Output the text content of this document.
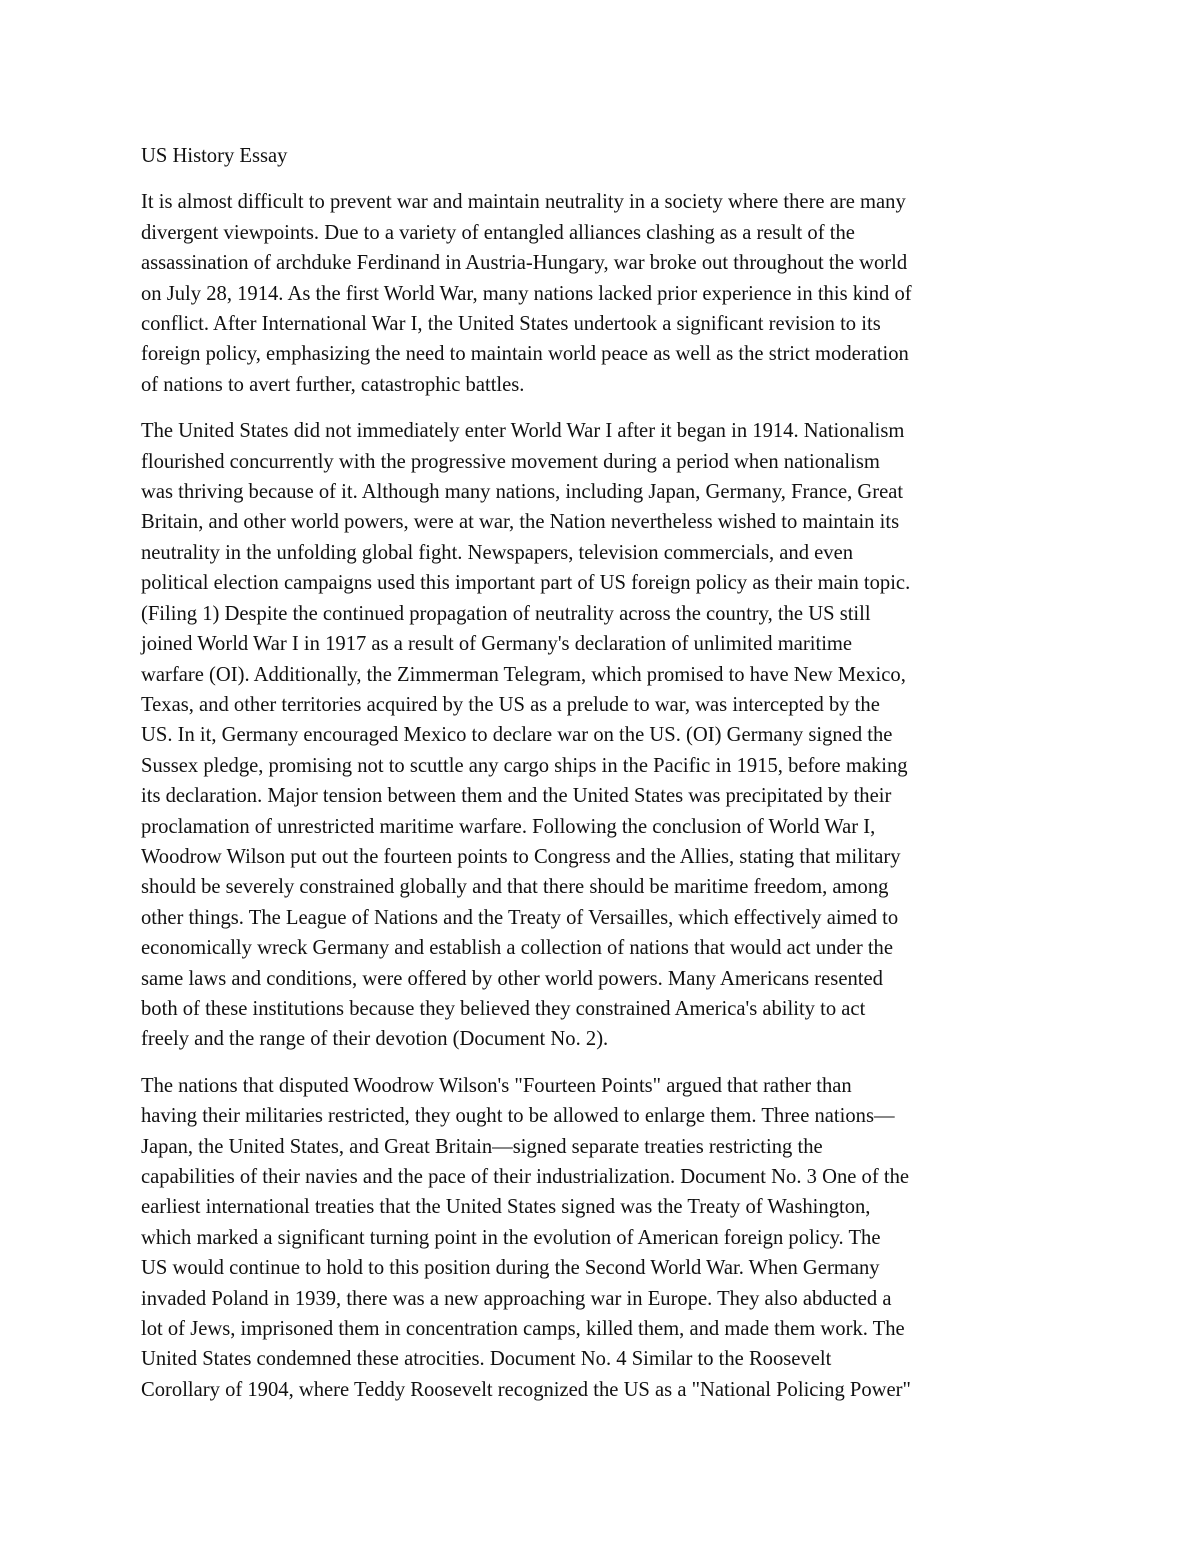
US History Essay
It is almost difficult to prevent war and maintain neutrality in a society where there are many
divergent viewpoints. Due to a variety of entangled alliances clashing as a result of the
assassination of archduke Ferdinand in Austria-Hungary, war broke out throughout the world
on July 28, 1914. As the first World War, many nations lacked prior experience in this kind of
conflict. After International War I, the United States undertook a significant revision to its
foreign policy, emphasizing the need to maintain world peace as well as the strict moderation
of nations to avert further, catastrophic battles.
The United States did not immediately enter World War I after it began in 1914. Nationalism
flourished concurrently with the progressive movement during a period when nationalism
was thriving because of it. Although many nations, including Japan, Germany, France, Great
Britain, and other world powers, were at war, the Nation nevertheless wished to maintain its
neutrality in the unfolding global fight. Newspapers, television commercials, and even
political election campaigns used this important part of US foreign policy as their main topic.
(Filing 1) Despite the continued propagation of neutrality across the country, the US still
joined World War I in 1917 as a result of Germany's declaration of unlimited maritime
warfare (OI). Additionally, the Zimmerman Telegram, which promised to have New Mexico,
Texas, and other territories acquired by the US as a prelude to war, was intercepted by the
US. In it, Germany encouraged Mexico to declare war on the US. (OI) Germany signed the
Sussex pledge, promising not to scuttle any cargo ships in the Pacific in 1915, before making
its declaration. Major tension between them and the United States was precipitated by their
proclamation of unrestricted maritime warfare. Following the conclusion of World War I,
Woodrow Wilson put out the fourteen points to Congress and the Allies, stating that military
should be severely constrained globally and that there should be maritime freedom, among
other things. The League of Nations and the Treaty of Versailles, which effectively aimed to
economically wreck Germany and establish a collection of nations that would act under the
same laws and conditions, were offered by other world powers. Many Americans resented
both of these institutions because they believed they constrained America's ability to act
freely and the range of their devotion (Document No. 2).
The nations that disputed Woodrow Wilson's "Fourteen Points" argued that rather than
having their militaries restricted, they ought to be allowed to enlarge them. Three nations—
Japan, the United States, and Great Britain—signed separate treaties restricting the
capabilities of their navies and the pace of their industrialization. Document No. 3 One of the
earliest international treaties that the United States signed was the Treaty of Washington,
which marked a significant turning point in the evolution of American foreign policy. The
US would continue to hold to this position during the Second World War. When Germany
invaded Poland in 1939, there was a new approaching war in Europe. They also abducted a
lot of Jews, imprisoned them in concentration camps, killed them, and made them work. The
United States condemned these atrocities. Document No. 4 Similar to the Roosevelt
Corollary of 1904, where Teddy Roosevelt recognized the US as a "National Policing Power"
